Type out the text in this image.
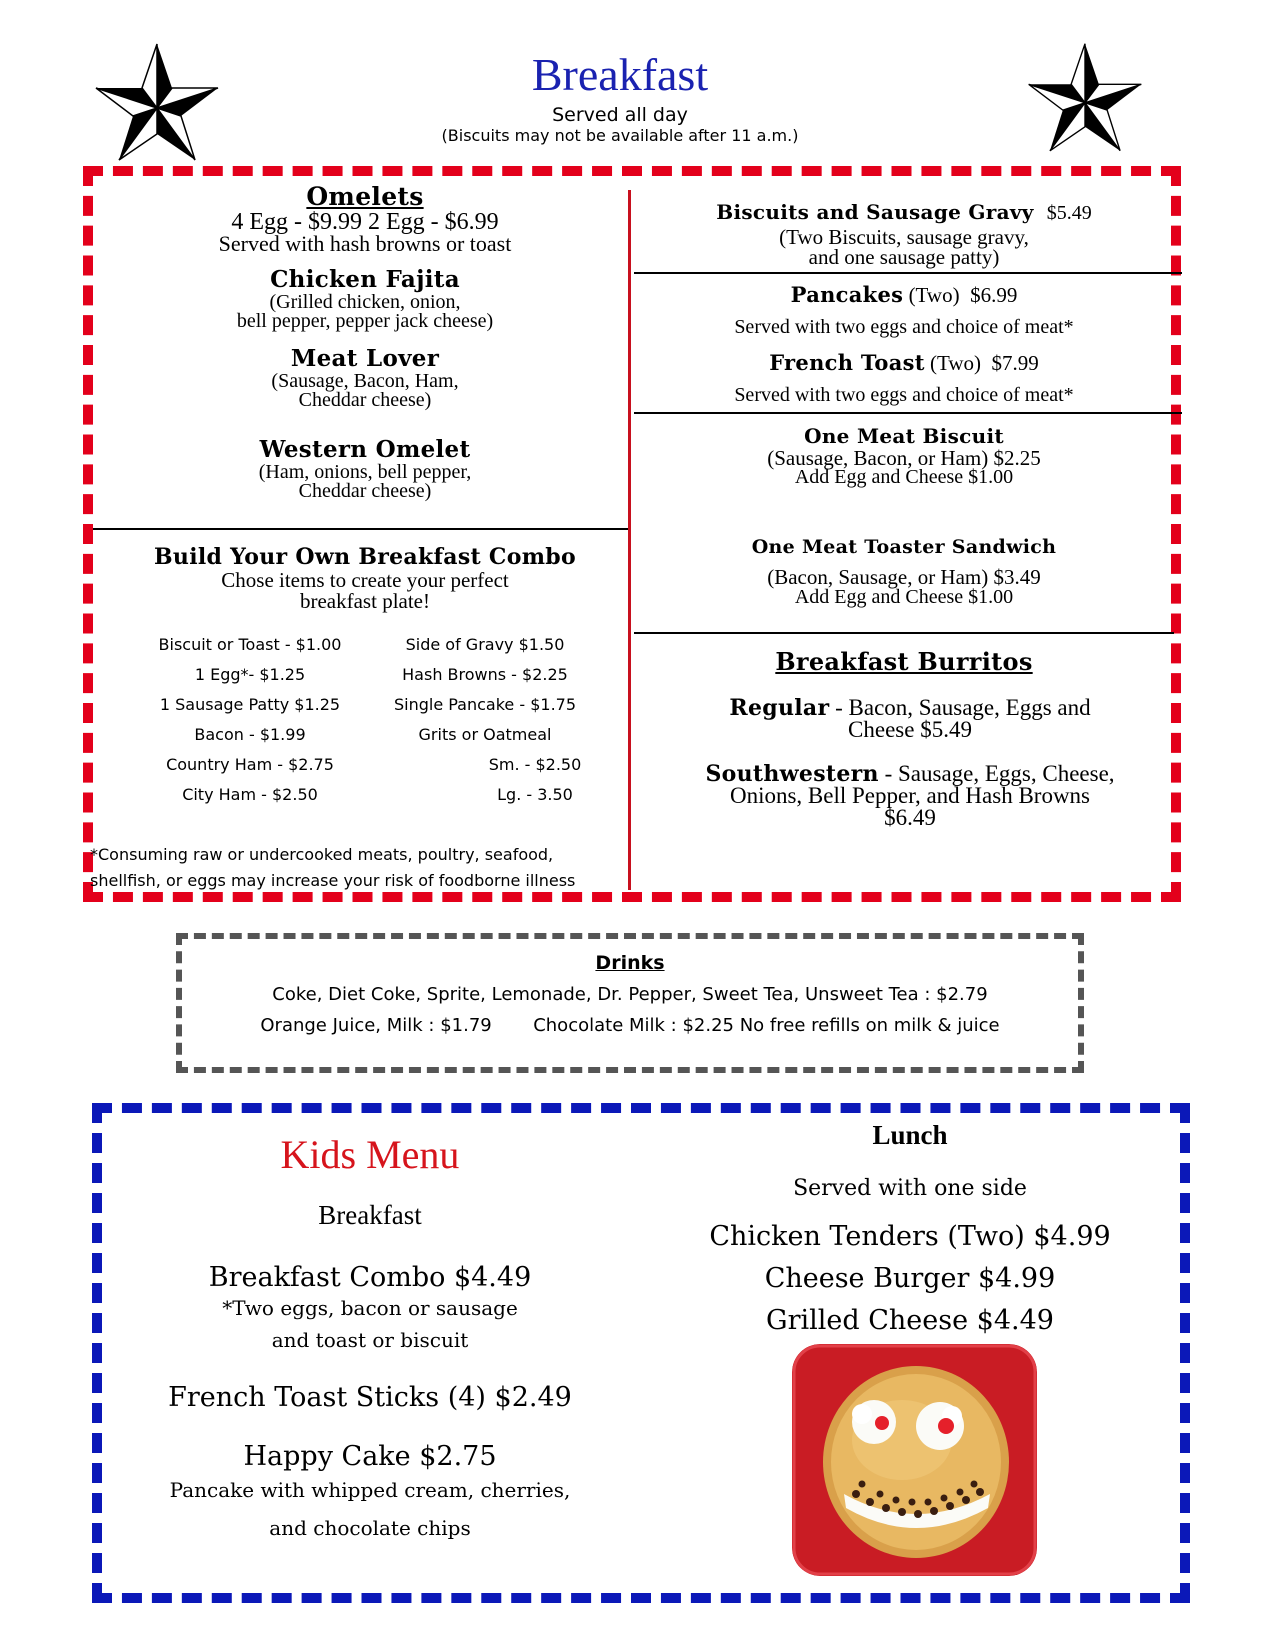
Breakfast
Served all day
(Biscuits may not be available after 11 a.m.)
Omelets
4 Egg - $9.99 2 Egg - $6.99
Served with hash browns or toast
Chicken Fajita
(Grilled chicken, onion,
bell pepper, pepper jack cheese)
Meat Lover
(Sausage, Bacon, Ham,
Cheddar cheese)
Western Omelet
(Ham, onions, bell pepper,
Cheddar cheese)
Build Your Own Breakfast Combo
Chose items to create your perfect
breakfast plate!
Biscuit or Toast - $1.00
1 Egg*- $1.25
1 Sausage Patty $1.25
Bacon - $1.99
Country Ham - $2.75
City Ham - $2.50
Side of Gravy $1.50
Hash Browns - $2.25
Single Pancake - $1.75
Grits or Oatmeal
Sm. - $2.50
Lg. - 3.50
*Consuming raw or undercooked meats, poultry, seafood,
shellfish, or eggs may increase your risk of foodborne illness
Biscuits and Sausage Gravy $5.49
(Two Biscuits, sausage gravy,
and one sausage patty)
Pancakes (Two) $6.99
Served with two eggs and choice of meat*
French Toast (Two) $7.99
Served with two eggs and choice of meat*
One Meat Biscuit
(Sausage, Bacon, or Ham) $2.25
Add Egg and Cheese $1.00
One Meat Toaster Sandwich
(Bacon, Sausage, or Ham) $3.49
Add Egg and Cheese $1.00
Breakfast Burritos
Regular - Bacon, Sausage, Eggs and
Cheese $5.49
Southwestern - Sausage, Eggs, Cheese,
Onions, Bell Pepper, and Hash Browns
$6.49
Drinks
Coke, Diet Coke, Sprite, Lemonade, Dr. Pepper, Sweet Tea, Unsweet Tea : $2.79
Orange Juice, Milk : $1.79 Chocolate Milk : $2.25 No free refills on milk & juice
Kids Menu
Breakfast
Breakfast Combo $4.49
*Two eggs, bacon or sausage
and toast or biscuit
French Toast Sticks (4) $2.49
Happy Cake $2.75
Pancake with whipped cream, cherries,
and chocolate chips
Lunch
Served with one side
Chicken Tenders (Two) $4.99
Cheese Burger $4.99
Grilled Cheese $4.49
